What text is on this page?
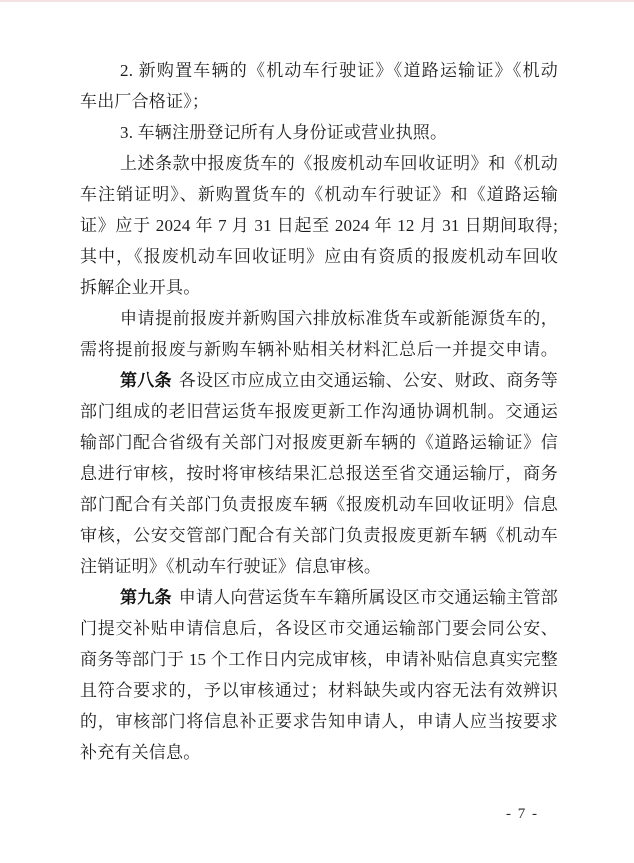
2. 新购置车辆的《机动车行驶证》《道路运输证》《机动
车出厂合格证》；
3. 车辆注册登记所有人身份证或营业执照。
上述条款中报废货车的《报废机动车回收证明》和《机动
车注销证明》、新购置货车的《机动车行驶证》和《道路运输
证》应于 2024 年 7 月 31 日起至 2024 年 12 月 31 日期间取得;
其中，《报废机动车回收证明》应由有资质的报废机动车回收
拆解企业开具。
申请提前报废并新购国六排放标准货车或新能源货车的，
需将提前报废与新购车辆补贴相关材料汇总后一并提交申请。
第八条 各设区市应成立由交通运输、公安、财政、商务等
部门组成的老旧营运货车报废更新工作沟通协调机制。交通运
输部门配合省级有关部门对报废更新车辆的《道路运输证》信
息进行审核，按时将审核结果汇总报送至省交通运输厅，商务
部门配合有关部门负责报废车辆《报废机动车回收证明》信息
审核，公安交管部门配合有关部门负责报废更新车辆《机动车
注销证明》《机动车行驶证》信息审核。
第九条 申请人向营运货车车籍所属设区市交通运输主管部
门提交补贴申请信息后，各设区市交通运输部门要会同公安、
商务等部门于 15 个工作日内完成审核，申请补贴信息真实完整
且符合要求的，予以审核通过；材料缺失或内容无法有效辨识
的，审核部门将信息补正要求告知申请人，申请人应当按要求
补充有关信息。
- 7 -
